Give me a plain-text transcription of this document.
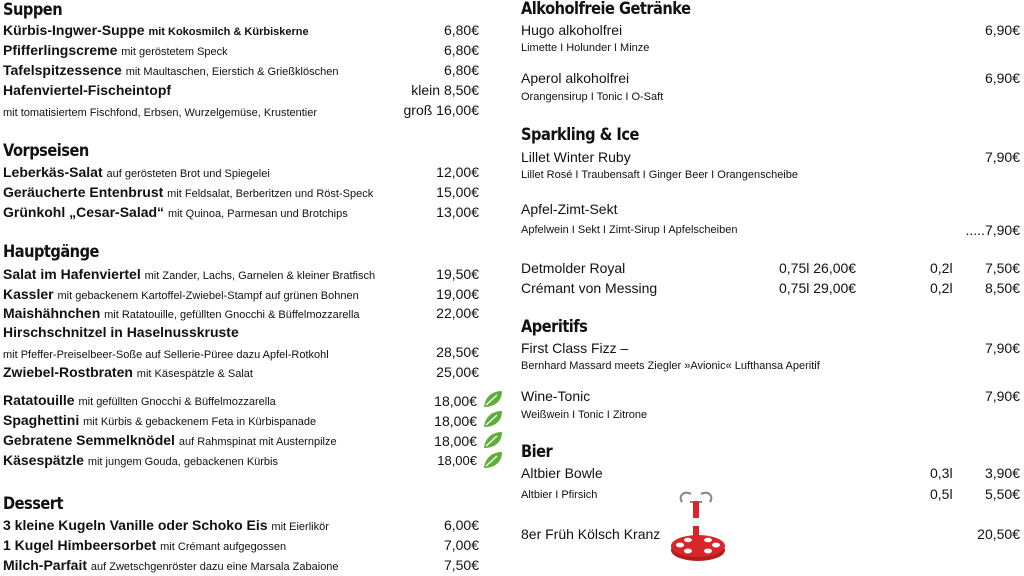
Suppen
Kürbis-Ingwer-Suppe mit Kokosmilch & Kürbiskerne	6,80€
Pfifferlingscreme mit geröstetem Speck	6,80€
Tafelspitzessence mit Maultaschen, Eierstich & Grießklöschen	6,80€
Hafenviertel-Fischeintopf	klein 8,50€
mit tomatisiertem Fischfond, Erbsen, Wurzelgemüse, Krustentier	groß 16,00€
Vorpseisen
Leberkäs-Salat auf gerösteten Brot und Spiegelei	12,00€
Geräucherte Entenbrust mit Feldsalat, Berberitzen und Röst-Speck	15,00€
Grünkohl „Cesar-Salad“ mit Quinoa, Parmesan und Brotchips	13,00€
Hauptgänge
Salat im Hafenviertel mit Zander, Lachs, Garnelen & kleiner Bratfisch	19,50€
Kassler mit gebackenem Kartoffel-Zwiebel-Stampf auf grünen Bohnen	19,00€
Maishähnchen mit Ratatouille, gefüllten Gnocchi & Büffelmozzarella	22,00€
Hirschschnitzel in Haselnusskruste
mit Pfeffer-Preiselbeer-Soße auf Sellerie-Püree dazu Apfel-Rotkohl	28,50€
Zwiebel-Rostbraten mit Käsespätzle & Salat	25,00€
Ratatouille mit gefüllten Gnocchi & Büffelmozzarella	18,00€
Spaghettini mit Kürbis & gebackenem Feta in Kürbispanade	18,00€
Gebratene Semmelknödel auf Rahmspinat mit Austernpilze	18,00€
Käsespätzle mit jungem Gouda, gebackenen Kürbis	18,00€
Dessert
3 kleine Kugeln Vanille oder Schoko Eis mit Eierlikör	6,00€
1 Kugel Himbeersorbet mit Crémant aufgegossen	7,00€
Milch-Parfait auf Zwetschgenröster dazu eine Marsala Zabaione	7,50€
Alkoholfreie Getränke
Hugo alkoholfrei	6,90€
Limette I Holunder I Minze
Aperol alkoholfrei	6,90€
Orangensirup I Tonic I O-Saft
Sparkling & Ice
Lillet Winter Ruby	7,90€
Lillet Rosé I Traubensaft I Ginger Beer I Orangenscheibe
Apfel-Zimt-Sekt
Apfelwein I Sekt I Zimt-Sirup I Apfelscheiben	.....7,90€
Detmolder Royal	0,75l 26,00€	0,2l 7,50€
Crémant von Messing	0,75l 29,00€	0,2l 8,50€
Aperitifs
First Class Fizz –	7,90€
Bernhard Massard meets Ziegler »Avionic« Lufthansa Aperitif
Wine-Tonic	7,90€
Weißwein I Tonic I Zitrone
Bier
Altbier Bowle	0,3l 3,90€
Altbier I Pfirsich	0,5l 5,50€
8er Früh Kölsch Kranz	20,50€
